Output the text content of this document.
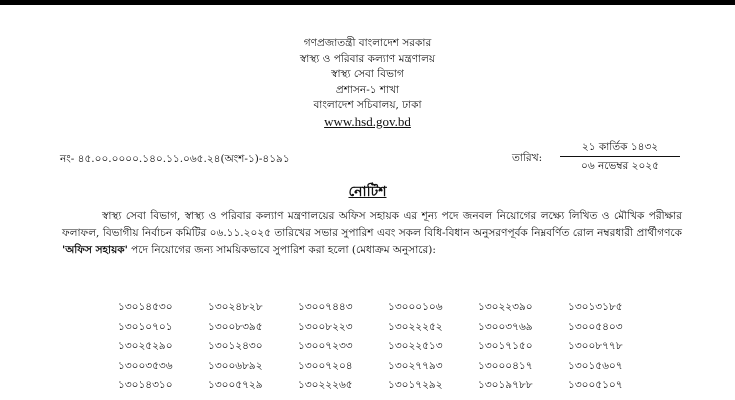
গণপ্রজাতন্ত্রী বাংলাদেশ সরকার
স্বাস্থ্য ও পরিবার কল্যাণ মন্ত্রণালয়
স্বাস্থ্য সেবা বিভাগ
প্রশাসন-১ শাখা
বাংলাদেশ সচিবালয়, ঢাকা
www.hsd.gov.bd
নং- ৪৫.০০.০০০০.১৪০.১১.০৬৫.২৪(অংশ-১)-৪১৯১	তারিখ:
২১ কার্তিক ১৪৩২
০৬ নভেম্বর ২০২৫
নোটিশ

স্বাস্থ্য সেবা বিভাগ, স্বাস্থ্য ও পরিবার কল্যাণ মন্ত্রণালয়ের অফিস সহায়ক এর শূন্য পদে জনবল নিয়োগের লক্ষ্যে লিখিত ও মৌখিক পরীক্ষার ফলাফল, বিভাগীয় নির্বাচন কমিটির ০৬.১১.২০২৫ তারিখের সভার সুপারিশ এবং সকল বিধি-বিধান অনুসরণপূর্বক নিম্নবর্ণিত রোল নম্বরধারী প্রার্থীগণকে 'অফিস সহায়ক' পদে নিয়োগের জন্য সাময়িকভাবে সুপারিশ করা হলো (মেধাক্রম অনুসারে):

১৩০১৪৫৩০	১৩০২৪৮২৮	১৩০০৭৪৪৩	১৩০০০১০৬	১৩০২২৩৯০	১৩০১৩১৮৫
১৩০১০৭০১	১৩০০৮৩৯৫	১৩০০৮২২৩	১৩০২২২৫২	১৩০০৩৭৬৯	১৩০০৫৪০৩
১৩০২৫২৯০	১৩০১২৪৩০	১৩০০৭২৩৩	১৩০২২৫১৩	১৩০১৭১৫০	১৩০০৮৭৭৮
১৩০০৩৫৩৬	১৩০০৬৮৯২	১৩০০৭২০৪	১৩০২৭৭৯৩	১৩০০০৪১৭	১৩০১৫৬০৭
১৩০১৪৩১০	১৩০০৫৭২৯	১৩০২২২৬৫	১৩০১৭২৯২	১৩০১৯৭৮৮	১৩০০৫১০৭
